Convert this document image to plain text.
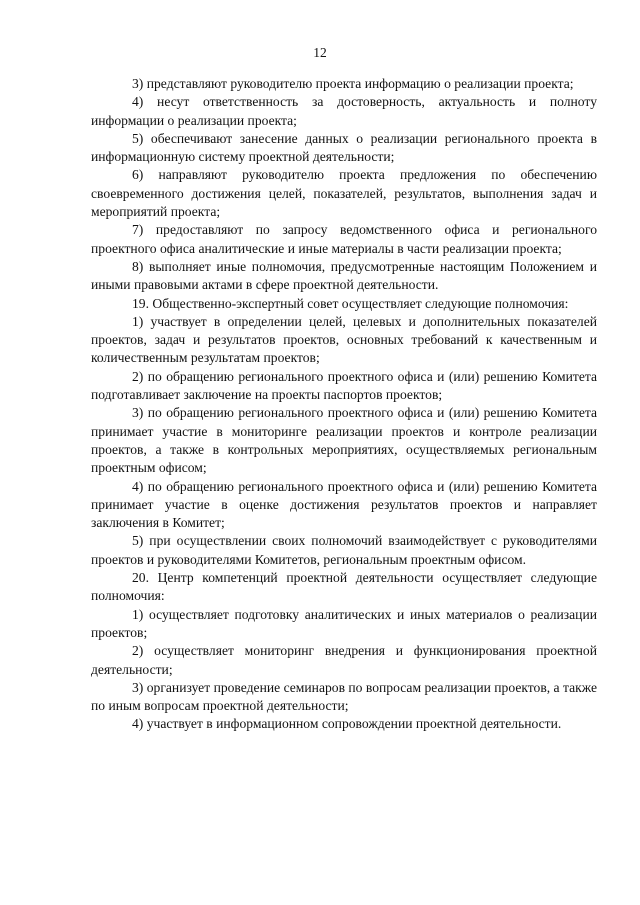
12

3) представляют руководителю проекта информацию о реализации проекта;

4) несут ответственность за достоверность, актуальность и полноту информации о реализации проекта;

5) обеспечивают занесение данных о реализации регионального проекта в информационную систему проектной деятельности;

6) направляют руководителю проекта предложения по обеспечению своевременного достижения целей, показателей, результатов, выполнения задач и мероприятий проекта;

7) предоставляют по запросу ведомственного офиса и регионального проектного офиса аналитические и иные материалы в части реализации проекта;

8) выполняет иные полномочия, предусмотренные настоящим Положением и иными правовыми актами в сфере проектной деятельности.

19. Общественно-экспертный совет осуществляет следующие полномочия:

1) участвует в определении целей, целевых и дополнительных показателей проектов, задач и результатов проектов, основных требований к качественным и количественным результатам проектов;

2) по обращению регионального проектного офиса и (или) решению Комитета подготавливает заключение на проекты паспортов проектов;

3) по обращению регионального проектного офиса и (или) решению Комитета принимает участие в мониторинге реализации проектов и контроле реализации проектов, а также в контрольных мероприятиях, осуществляемых региональным проектным офисом;

4) по обращению регионального проектного офиса и (или) решению Комитета принимает участие в оценке достижения результатов проектов и направляет заключения в Комитет;

5) при осуществлении своих полномочий взаимодействует с руководителями проектов и руководителями Комитетов, региональным проектным офисом.

20. Центр компетенций проектной деятельности осуществляет следующие полномочия:

1) осуществляет подготовку аналитических и иных материалов о реализации проектов;

2) осуществляет мониторинг внедрения и функционирования проектной деятельности;

3) организует проведение семинаров по вопросам реализации проектов, а также по иным вопросам проектной деятельности;

4) участвует в информационном сопровождении проектной деятельности.
